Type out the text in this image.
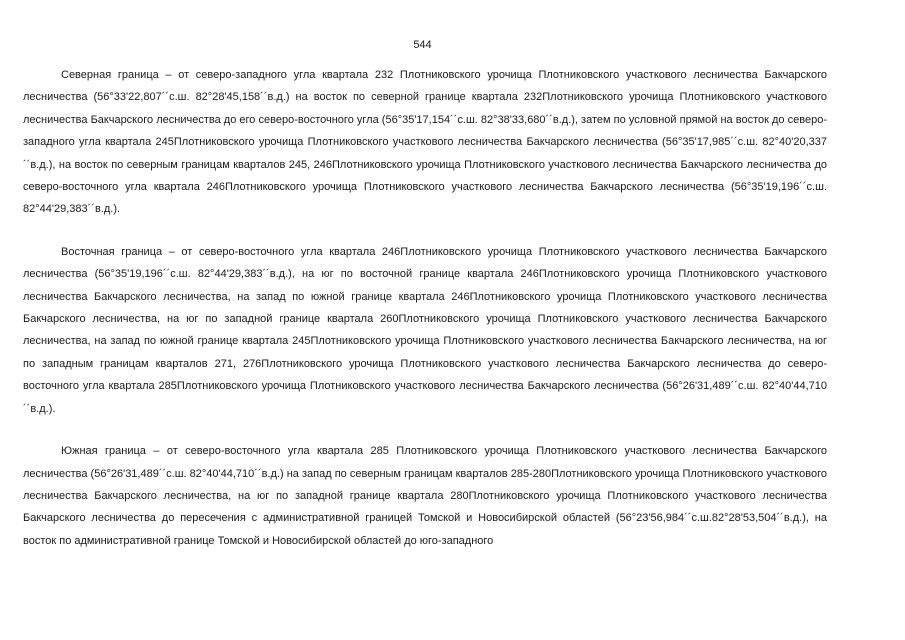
544

Северная граница – от северо-западного угла квартала 232 Плотниковского урочища Плотниковского участкового лесничества Бакчарского лесничества (56°33'22,807´´с.ш. 82°28'45,158´´в.д.) на восток по северной границе квартала 232Плотниковского урочища Плотниковского участкового лесничества Бакчарского лесничества до его северо-восточного угла (56°35'17,154´´с.ш. 82°38'33,680´´в.д.), затем по условной прямой на восток до северо-западного угла квартала 245Плотниковского урочища Плотниковского участкового лесничества Бакчарского лесничества (56°35'17,985´´с.ш. 82°40'20,337´´в.д.), на восток по северным границам кварталов 245, 246Плотниковского урочища Плотниковского участкового лесничества Бакчарского лесничества до северо-восточного угла квартала 246Плотниковского урочища Плотниковского участкового лесничества Бакчарского лесничества (56°35'19,196´´с.ш. 82°44'29,383´´в.д.).

Восточная граница – от северо-восточного угла квартала 246Плотниковского урочища Плотниковского участкового лесничества Бакчарского лесничества (56°35'19,196´´с.ш. 82°44'29,383´´в.д.), на юг по восточной границе квартала 246Плотниковского урочища Плотниковского участкового лесничества Бакчарского лесничества, на запад по южной границе квартала 246Плотниковского урочища Плотниковского участкового лесничества Бакчарского лесничества, на юг по западной границе квартала 260Плотниковского урочища Плотниковского участкового лесничества Бакчарского лесничества, на запад по южной границе квартала 245Плотниковского урочища Плотниковского участкового лесничества Бакчарского лесничества, на юг по западным границам кварталов 271, 276Плотниковского урочища Плотниковского участкового лесничества Бакчарского лесничества до северо-восточного угла квартала 285Плотниковского урочища Плотниковского участкового лесничества Бакчарского лесничества (56°26'31,489´´с.ш. 82°40'44,710´´в.д.).

Южная граница – от северо-восточного угла квартала 285 Плотниковского урочища Плотниковского участкового лесничества Бакчарского лесничества (56°26'31,489´´с.ш. 82°40'44,710´´в.д.) на запад по северным границам кварталов 285-280Плотниковского урочища Плотниковского участкового лесничества Бакчарского лесничества, на юг по западной границе квартала 280Плотниковского урочища Плотниковского участкового лесничества Бакчарского лесничества до пересечения с административной границей Томской и Новосибирской областей (56°23'56,984´´с.ш.82°28'53,504´´в.д.), на восток по административной границе Томской и Новосибирской областей до юго-западного
